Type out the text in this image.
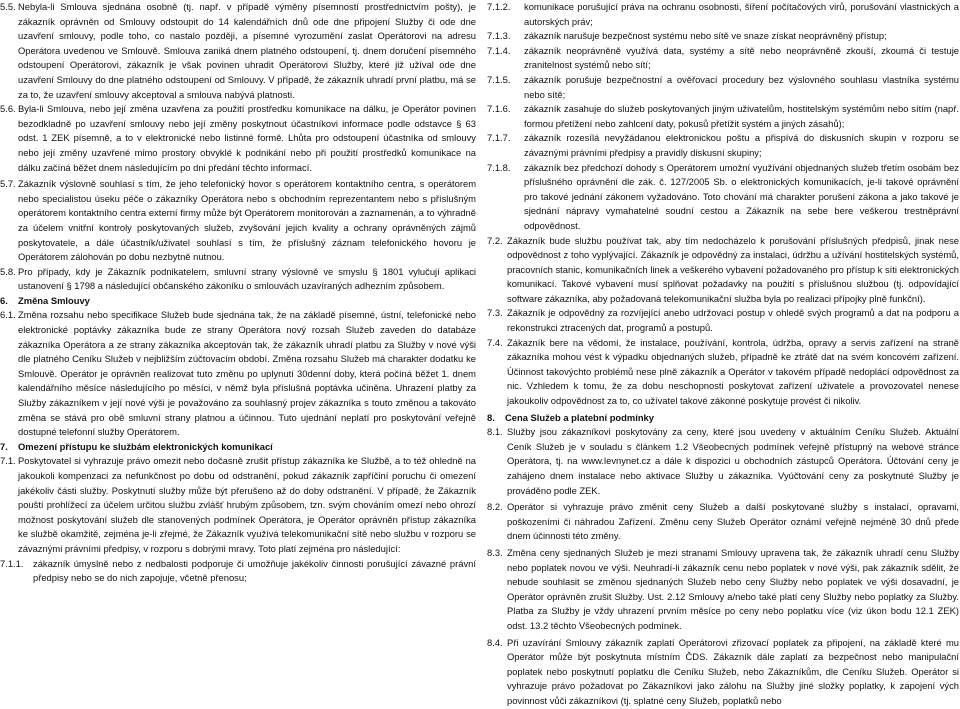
5.5. Nebyla-li Smlouva sjednána osobně (tj. např. v případě výměny písemností prostřednictvím pošty), je zákazník oprávněn od Smlouvy odstoupit do 14 kalendářních dnů ode dne připojení Služby či ode dne uzavření smlouvy, podle toho, co nastalo později, a písemné vyrozumění zaslat Operátorovi na adresu Operátora uvedenou ve Smlouvě. Smlouva zaniká dnem platného odstoupení, tj. dnem doručení písemného odstoupení Operátorovi, zákazník je však povinen uhradit Operátorovi Služby, které již užíval ode dne uzavření Smlouvy do dne platného odstoupení od Smlouvy. V případě, že zákazník uhradí první platbu, má se za to, že uzavření smlouvy akceptoval a smlouva nabývá platnosti.
5.6. Byla-li Smlouva, nebo její změna uzavřena za použití prostředku komunikace na dálku, je Operátor povinen bezodkladně po uzavření smlouvy nebo její změny poskytnout účastníkovi informace podle odstavce § 63 odst. 1 ZEK písemně, a to v elektronické nebo listinné formě. Lhůta pro odstoupení účastníka od smlouvy nebo její změny uzavřené mimo prostory obvyklé k podnikání nebo při použití prostředků komunikace na dálku začíná běžet dnem následujícím po dni předání těchto informací.
5.7. Zákazník výslovně souhlasí s tím, že jeho telefonický hovor s operátorem kontaktního centra, s operátorem nebo specialistou úseku péče o zákazníky Operátora nebo s obchodním reprezentantem nebo s příslušným operátorem kontaktního centra externí firmy může být Operátorem monitorován a zaznamenán, a to výhradně za účelem vnitřní kontroly poskytovaných služeb, zvyšování jejich kvality a ochrany oprávněných zájmů poskytovatele, a dále účastník/uživatel souhlasí s tím, že příslušný záznam telefonického hovoru je Operátorem zálohován po dobu nezbytně nutnou.
5.8. Pro případy, kdy je Zákazník podnikatelem, smluvní strany výslovně ve smyslu § 1801 vylučují aplikaci ustanovení § 1798 a následující občanského zákoníku o smlouvách uzavíraných adhezním způsobem.
6.	Změna Smlouvy
6.1. Změna rozsahu nebo specifikace Služeb bude sjednána tak, že na základě písemné, ústní, telefonické nebo elektronické poptávky zákazníka bude ze strany Operátora nový rozsah Služeb zaveden do databáze zákazníka Operátora a ze strany zákazníka akceptován tak, že zákazník uhradí platbu za Služby v nové výši dle platného Ceníku Služeb v nejbližším zúčtovacím období. Změna rozsahu Služeb má charakter dodatku ke Smlouvě. Operátor je oprávněn realizovat tuto změnu po uplynutí 30denní doby, která počíná běžet 1. dnem kalendářního měsíce následujícího po měsíci, v němž byla příslušná poptávka učiněna. Uhrazení platby za Služby zákazníkem v její nové výši je považováno za souhlasný projev zákazníka s touto změnou a takováto změna se stává pro obě smluvní strany platnou a účinnou. Tuto ujednání neplatí pro poskytování veřejně dostupné telefonní služby Operátorem.
7.	Omezení přístupu ke službám elektronických komunikací
7.1. Poskytovatel si vyhrazuje právo omezit nebo dočasně zrušit přístup zákazníka ke Službě, a to též ohledně na jakoukoli kompenzaci za nefunkčnost po dobu od odstranění, pokud zákazník zapříčiní poruchu či omezení jakékoliv části služby. Poskytnutí služby může být přerušeno až do doby odstranění. V případě, že Zákazník pouští prohlížecí za účelem určitou službu zvlášť hrubým způsobem, tzn. svým chováním omezí nebo ohrozí možnost poskytování služeb dle stanovených podmínek Operátora, je Operátor oprávněn přístup zákazníka ke službě okamžitě, zejména je-li zřejmé, že Zákazník využívá telekomunikační sítě nebo službu v rozporu se závaznými právními předpisy, v rozporu s dobrými mravy. Toto platí zejména pro následující:
7.1.1.	zákazník úmyslně nebo z nedbalosti podporuje či umožňuje jakékoliv činnosti porušující závazné právní předpisy nebo se do nich zapojuje, včetně přenosu;
7.1.2.	komunikace porušující práva na ochranu osobnosti, šíření počítačových virů, porušování vlastnických a autorských práv;
7.1.3.	zákazník narušuje bezpečnost systému nebo sítě ve snaze získat neoprávněný přístup;
7.1.4.	zákazník neoprávněně využívá data, systémy a sítě nebo neoprávněně zkouší, zkoumá či testuje zranitelnost systémů nebo sítí;
7.1.5.	zákazník porušuje bezpečnostní a ověřovací procedury bez výslovného souhlasu vlastníka systému nebo sítě;
7.1.6.	zákazník zasahuje do služeb poskytovaných jiným uživatelům, hostitelským systémům nebo sítím (např. formou přetížení nebo zahlcení daty, pokusů přetížit systém a jiných zásahů);
7.1.7.	zákazník rozesílá nevyžádanou elektronickou poštu a přispívá do diskusních skupin v rozporu se závaznými právními předpisy a pravidly diskusní skupiny;
7.1.8.	zákazník bez předchozí dohody s Operátorem umožní využívání objednaných služeb třetím osobám bez příslušného oprávnění dle zák. č. 127/2005 Sb. o elektronických komunikacích, je-li takové oprávnění pro takové jednání zákonem vyžadováno. Toto chování má charakter porušení zákona a jako takové je sjednání nápravy vymahatelné soudní cestou a Zákazník na sebe bere veškerou trestněprávní odpovědnost.
7.2. Zákazník bude službu používat tak, aby tím nedocházelo k porušování příslušných předpisů, jinak nese odpovědnost z toho vyplývající. Zákazník je odpovědný za instalaci, údržbu a užívání hostitelských systémů, pracovních stanic, komunikačních linek a veškerého vybavení požadovaného pro přístup k síti elektronických komunikací. Takové vybavení musí splňovat požadavky na použití s příslušnou službou (tj. odpovídající software zákazníka, aby požadovaná telekomunikační služba byla po realizaci přípojky plně funkční).
7.3. Zákazník je odpovědný za rozvíjející anebo udržovací postup v ohledě svých programů a dat na podporu a rekonstrukci ztracených dat, programů a postupů.
7.4. Zákazník bere na vědomí, že instalace, používání, kontrola, údržba, opravy a servis zařízení na straně zákazníka mohou vést k výpadku objednaných služeb, případně ke ztrátě dat na svém koncovém zařízení. Účinnost takovýchto problémů nese plně zákazník a Operátor v takovém případě nedoplácí odpovědnost za nic. Vzhledem k tomu, že za dobu neschopnosti poskytovat zařízení uživatele a provozovatel nenese jakoukoliv odpovědnost za to, co užívatel takové zákonné poskytuje provést či nikoliv.
8.	Cena Služeb a platební podmínky
8.1. Služby jsou zákazníkovi poskytovány za ceny, které jsou uvedeny v aktuálním Ceníku Služeb. Aktuální Ceník Služeb je v souladu s článkem 1.2 Všeobecných podmínek veřejně přístupný na webové stránce Operátora, tj. na www.levnynet.cz a dále k dispozici u obchodních zástupců Operátora. Účtování ceny je zahájeno dnem instalace nebo aktivace Služby u zákazníka. Vyúčtování ceny za poskytnuté Služby je prováděno podle ZEK.
8.2. Operátor si vyhrazuje právo změnit ceny Služeb a další poskytované služby s instalací, opravami, poškozeními či náhradou Zařízení. Změnu ceny Služeb Operátor oznámí veřejně nejméně 30 dnů přede dnem účinnosti této změny.
8.3. Změna ceny sjednaných Služeb je mezi stranami Smlouvy upravena tak, že zákazník uhradí cenu Služby nebo poplatek novou ve výši. Neuhradí-li zákazník cenu nebo poplatek v nové výši, pak zákazník sdělit, že nebude souhlasit se změnou sjednaných Služeb nebo ceny Služby nebo poplatek ve výši dosavadní, je Operátor oprávněn zrušit Služby. Ust. 2.12 Smlouvy a/nebo také platí ceny Služby nebo poplatky za Služby. Platba za Služby je vždy uhrazení prvním měsíce po ceny nebo poplatku více (viz úkon bodu 12.1 ZEK) odst. 13.2 těchto Všeobecných podmínek.
8.4. Při uzavírání Smlouvy zákazník zaplatí Operátorovi zřizovací poplatek za připojení, na základě které mu Operátor může být poskytnuta místním ČDS. Zákazník dále zaplatí za bezpečnost nebo manipulační poplatek nebo poskytnutí poplatku dle Ceníku Služeb, nebo Zákazníkům, dle Ceníku Služeb. Operátor si vyhrazuje právo požadovat po Zákazníkovi jako zálohu na Služby jiné složky poplatky, k zapojení vých povinnost vůči zákazníkovi (tj. splatné ceny Služeb, poplatků nebo
